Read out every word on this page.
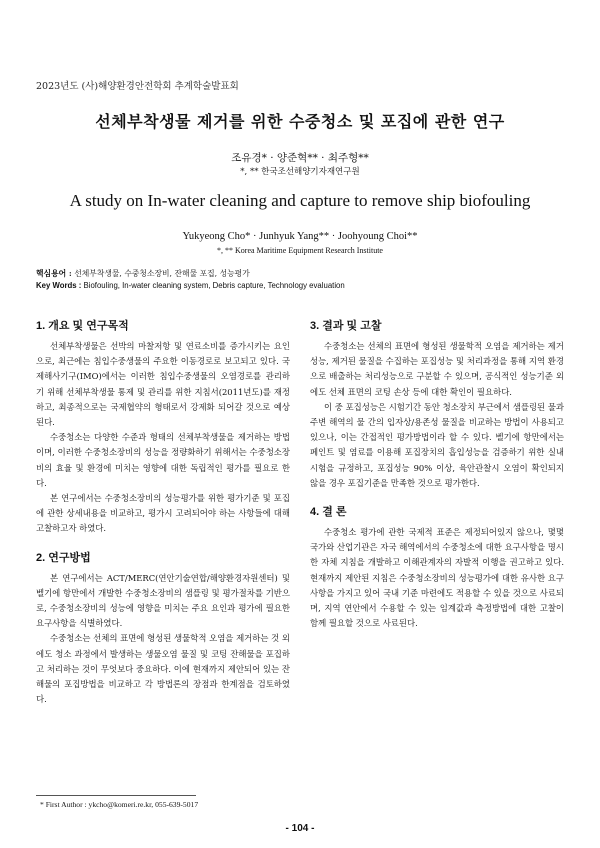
2023년도 (사)해양환경안전학회 추계학술발표회
선체부착생물 제거를 위한 수중청소 및 포집에 관한 연구
조유경* · 양준혁** · 최주형**
*, ** 한국조선해양기자재연구원
A study on In-water cleaning and capture to remove ship biofouling
Yukyeong Cho* · Junhyuk Yang** · Joohyoung Choi**
*, ** Korea Maritime Equipment Research Institute
핵심용어 : 선체부착생물, 수중청소장비, 잔해물 포집, 성능평가
Key Words : Biofouling, In-water cleaning system, Debris capture, Technology evaluation
1. 개요 및 연구목적

선체부착생물은 선박의 마찰저항 및 연료소비를 증가시키는 요인으로, 최근에는 침입수중생물의 주요한 이동경로로 보고되고 있다. 국제해사기구(IMO)에서는 이러한 침입수중생물의 오염경로를 관리하기 위해 선체부착생물 통제 및 관리를 위한 지침서(2011년도)를 재정하고, 최종적으로는 국제협약의 형태로서 강제화 되어갈 것으로 예상된다.

수중청소는 다양한 수준과 형태의 선체부착생물을 제거하는 방법이며, 이러한 수중청소장비의 성능을 정량화하기 위해서는 수중청소장비의 효율 및 환경에 미치는 영향에 대한 독립적인 평가를 필요로 한다.

본 연구에서는 수중청소장비의 성능평가를 위한 평가기준 및 포집에 관한 상세내용을 비교하고, 평가시 고려되어야 하는 사항들에 대해 고찰하고자 하였다.

2. 연구방법

본 연구에서는 ACT/MERC(연안기술연합/해양환경자원센터) 및 벨기에 항만에서 개발한 수중청소장비의 샘플링 및 평가절차를 기반으로, 수중청소장비의 성능에 영향을 미치는 주요 요인과 평가에 필요한 요구사항을 식별하였다.

수중청소는 선체의 표면에 형성된 생물학적 오염을 제거하는 것 외에도 청소 과정에서 발생하는 생물오염 물질 및 코팅 잔해물을 포집하고 처리하는 것이 무엇보다 중요하다. 이에 현재까지 제안되어 있는 잔해물의 포집방법을 비교하고 각 방법론의 장점과 한계점을 검토하였다.

3. 결과 및 고찰

수중청소는 선체의 표면에 형성된 생물학적 오염을 제거하는 제거성능, 제거된 물질을 수집하는 포집성능 및 처리과정을 통해 지역 환경으로 배출하는 처리성능으로 구분할 수 있으며, 공식적인 성능기준 외에도 선체 표면의 코팅 손상 등에 대한 확인이 필요하다.

이 중 포집성능은 시험기간 동안 청소장치 부근에서 샘플링된 물과 주변 해역의 물 간의 입자상/용존성 물질을 비교하는 방법이 사용되고 있으나, 이는 간접적인 평가방법이라 할 수 있다. 벨기에 항만에서는 페인트 및 염료를 이용해 포집장치의 흡입성능을 검증하기 위한 실내시험을 규정하고, 포집성능 90% 이상, 육안관찰시 오염이 확인되지 않을 경우 포집기준을 만족한 것으로 평가한다.

4. 결 론

수중청소 평가에 관한 국제적 표준은 제정되어있지 않으나, 몇몇 국가와 산업기관은 자국 해역에서의 수중청소에 대한 요구사항을 명시한 자체 지침을 개발하고 이해관계자의 자발적 이행을 권고하고 있다. 현재까지 제안된 지침은 수중청소장비의 성능평가에 대한 유사한 요구사항을 가지고 있어 국내 기준 마련에도 적용할 수 있을 것으로 사료되며, 지역 연안에서 수용할 수 있는 임계값과 측정방법에 대한 고찰이 함께 필요할 것으로 사료된다.

* First Author : ykcho@komeri.re.kr, 055-639-5017
- 104 -
